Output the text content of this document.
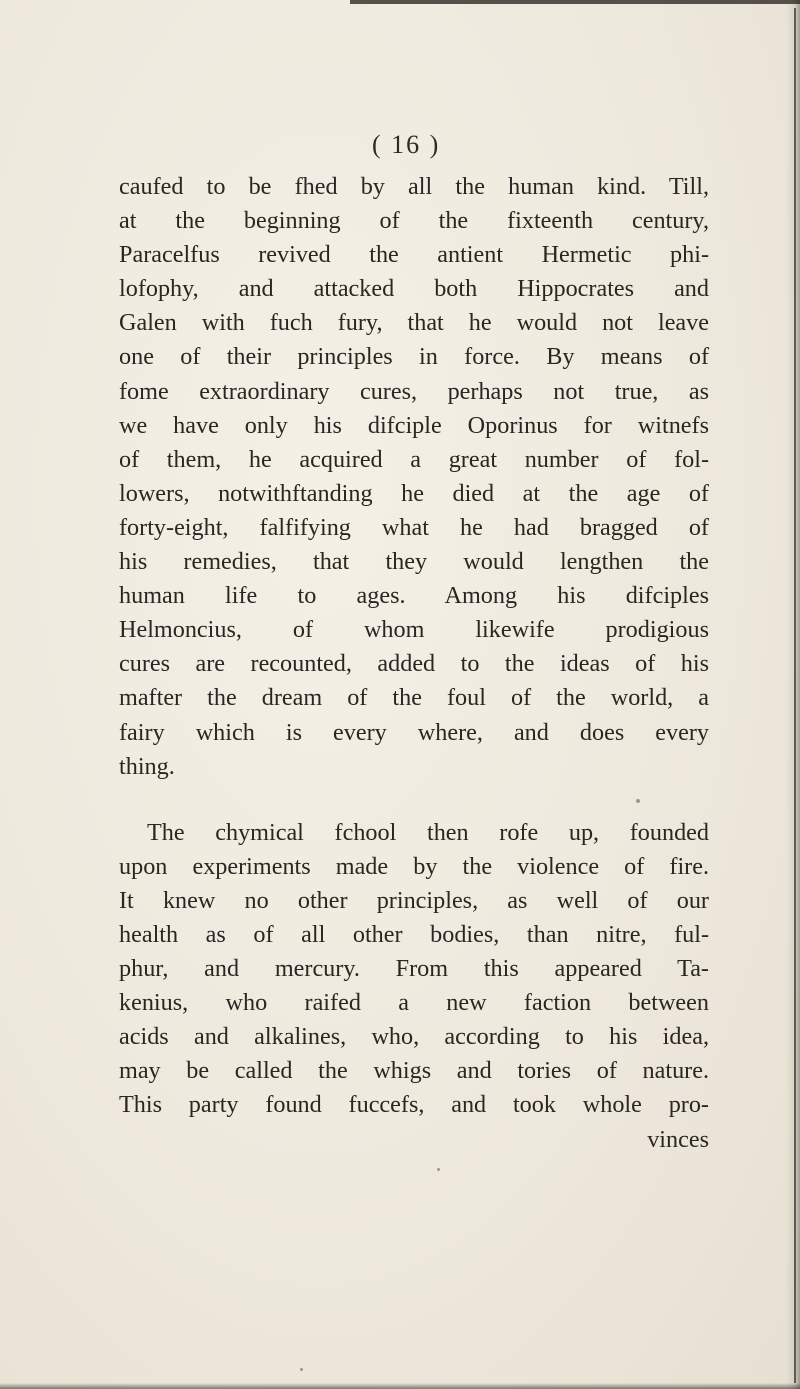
( 16 )
caufed to be fhed by all the human kind. Till,
at the beginning of the fixteenth century,
Paracelfus revived the antient Hermetic phi-
lofophy, and attacked both Hippocrates and
Galen with fuch fury, that he would not leave
one of their principles in force. By means of
fome extraordinary cures, perhaps not true, as
we have only his difciple Oporinus for witnefs
of them, he acquired a great number of fol-
lowers, notwithftanding he died at the age of
forty-eight, falfifying what he had bragged of
his remedies, that they would lengthen the
human life to ages. Among his difciples
Helmoncius, of whom likewife prodigious
cures are recounted, added to the ideas of his
mafter the dream of the foul of the world, a
fairy which is every where, and does every
thing.
The chymical fchool then rofe up, founded
upon experiments made by the violence of fire.
It knew no other principles, as well of our
health as of all other bodies, than nitre, ful-
phur, and mercury. From this appeared Ta-
kenius, who raifed a new faction between
acids and alkalines, who, according to his idea,
may be called the whigs and tories of nature.
This party found fuccefs, and took whole pro-
vinces
